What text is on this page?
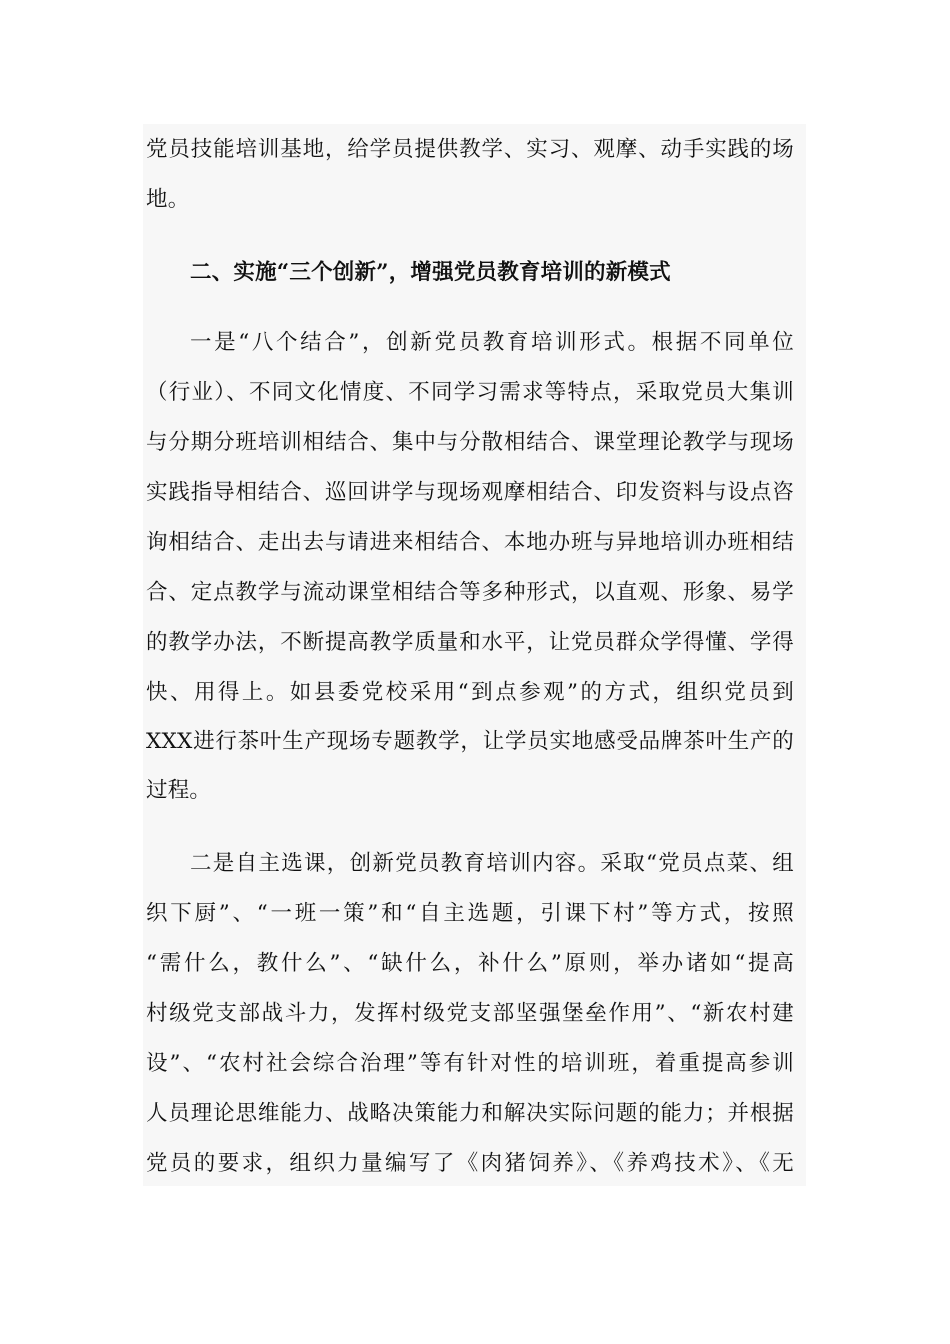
党员技能培训基地，给学员提供教学、实习、观摩、动手实践的场
地。
二、实施“三个创新”，增强党员教育培训的新模式
一是“八个结合”，创新党员教育培训形式。根据不同单位
（行业）、不同文化情度、不同学习需求等特点，采取党员大集训
与分期分班培训相结合、集中与分散相结合、课堂理论教学与现场
实践指导相结合、巡回讲学与现场观摩相结合、印发资料与设点咨
询相结合、走出去与请进来相结合、本地办班与异地培训办班相结
合、定点教学与流动课堂相结合等多种形式，以直观、形象、易学
的教学办法，不断提高教学质量和水平，让党员群众学得懂、学得
快、用得上。如县委党校采用“到点参观”的方式，组织党员到
XXX进行茶叶生产现场专题教学，让学员实地感受品牌茶叶生产的
过程。
二是自主选课，创新党员教育培训内容。采取“党员点菜、组
织下厨”、“一班一策”和“自主选题，引课下村”等方式，按照
“需什么，教什么”、“缺什么，补什么”原则，举办诸如“提高
村级党支部战斗力，发挥村级党支部坚强堡垒作用”、“新农村建
设”、“农村社会综合治理”等有针对性的培训班，着重提高参训
人员理论思维能力、战略决策能力和解决实际问题的能力；并根据
党员的要求，组织力量编写了《肉猪饲养》、《养鸡技术》、《无
